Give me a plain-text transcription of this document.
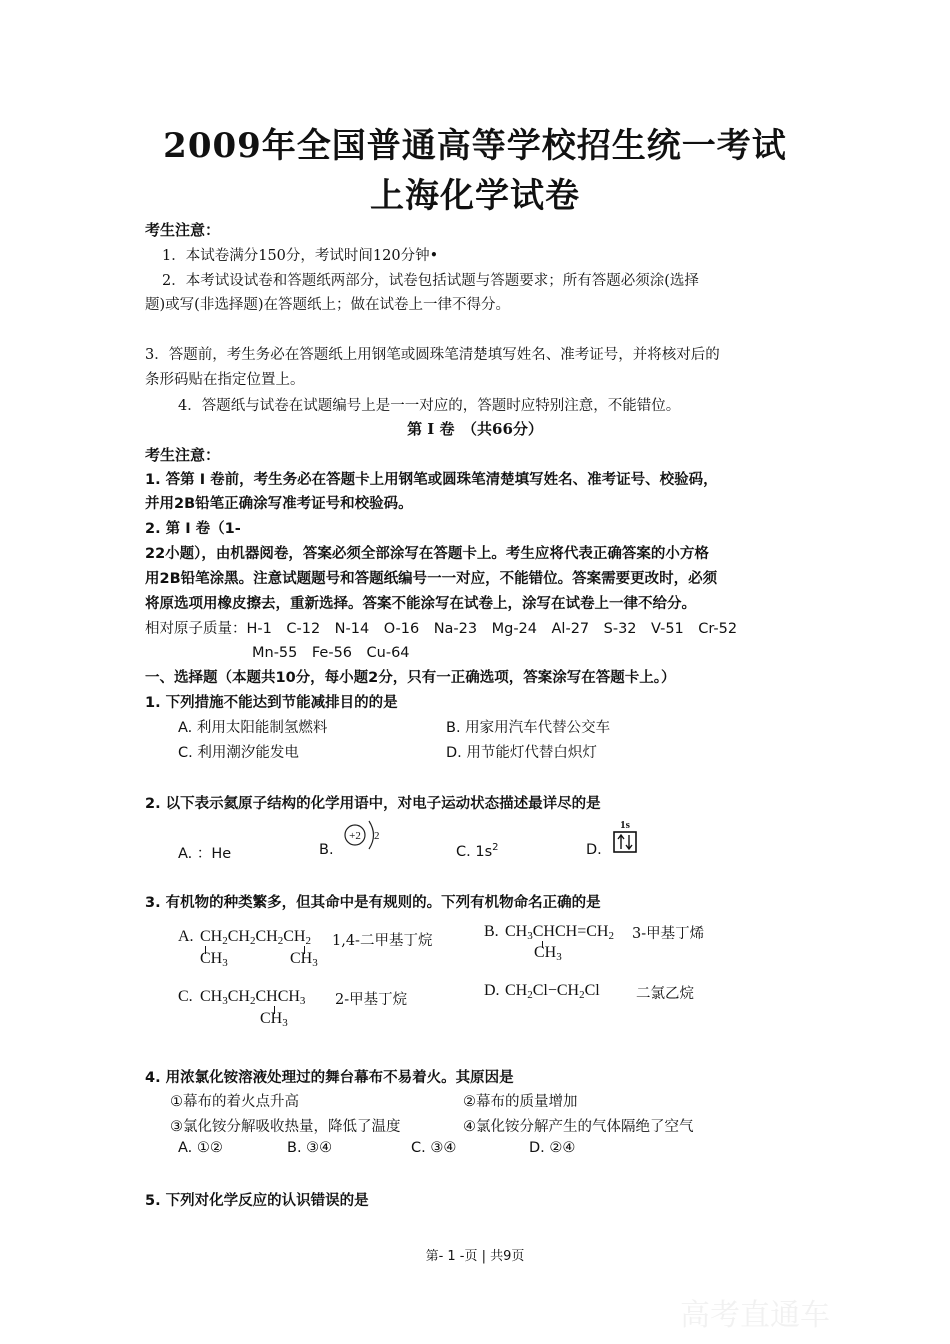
2009年全国普通高等学校招生统一考试
上海化学试卷
考生注意：
1．本试卷满分150分，考试时间120分钟•
2．本考试设试卷和答题纸两部分，试卷包括试题与答题要求；所有答题必须涂(选择
题)或写(非选择题)在答题纸上；做在试卷上一律不得分。
3．答题前，考生务必在答题纸上用钢笔或圆珠笔清楚填写姓名、准考证号，并将核对后的
条形码贴在指定位置上。
4．答题纸与试卷在试题编号上是一一对应的，答题时应特别注意，不能错位。
第 I 卷　（共66分）
考生注意：
1. 答第 I 卷前，考生务必在答题卡上用钢笔或圆珠笔清楚填写姓名、准考证号、校验码，
并用2B铅笔正确涂写准考证号和校验码。
2. 第 I 卷（1-
22小题），由机器阅卷，答案必须全部涂写在答题卡上。考生应将代表正确答案的小方格
用2B铅笔涂黑。注意试题题号和答题纸编号一一对应，不能错位。答案需要更改时，必须
将原选项用橡皮擦去，重新选择。答案不能涂写在试卷上，涂写在试卷上一律不给分。
相对原子质量：H-1　C-12　N-14　O-16　Na-23　Mg-24　Al-27　S-32　V-51　Cr-52
Mn-55　Fe-56　Cu-64
一、选择题（本题共10分，每小题2分，只有一正确选项，答案涂写在答题卡上。）
1. 下列措施不能达到节能减排目的的是
A. 利用太阳能制氢燃料	B. 用家用汽车代替公交车
C. 利用潮汐能发电	D. 用节能灯代替白炽灯
2. 以下表示氦原子结构的化学用语中，对电子运动状态描述最详尽的是
A. ：He	B.
+2 2
C. $1s^2$	D.
1s
3. 有机物的种类繁多，但其命中是有规则的。下列有机物命名正确的是
A. $CH_2CH_2CH_2CH_2$
$CH_3$	$CH_3$
1,4-二甲基丁烷
B. $CH_3CHCH=CH_2$
$CH_3$
3-甲基丁烯
C. $CH_3CH_2CHCH_3$
$CH_3$
2-甲基丁烷
D. $CH_2Cl-CH_2Cl$	二氯乙烷
4. 用浓氯化铵溶液处理过的舞台幕布不易着火。其原因是
①幕布的着火点升高	②幕布的质量增加
③氯化铵分解吸收热量，降低了温度	④氯化铵分解产生的气体隔绝了空气
A. ①②	B. ③④	C. ③④	D. ②④
5. 下列对化学反应的认识错误的是
第- 1 -页 | 共9页
高考直通车
